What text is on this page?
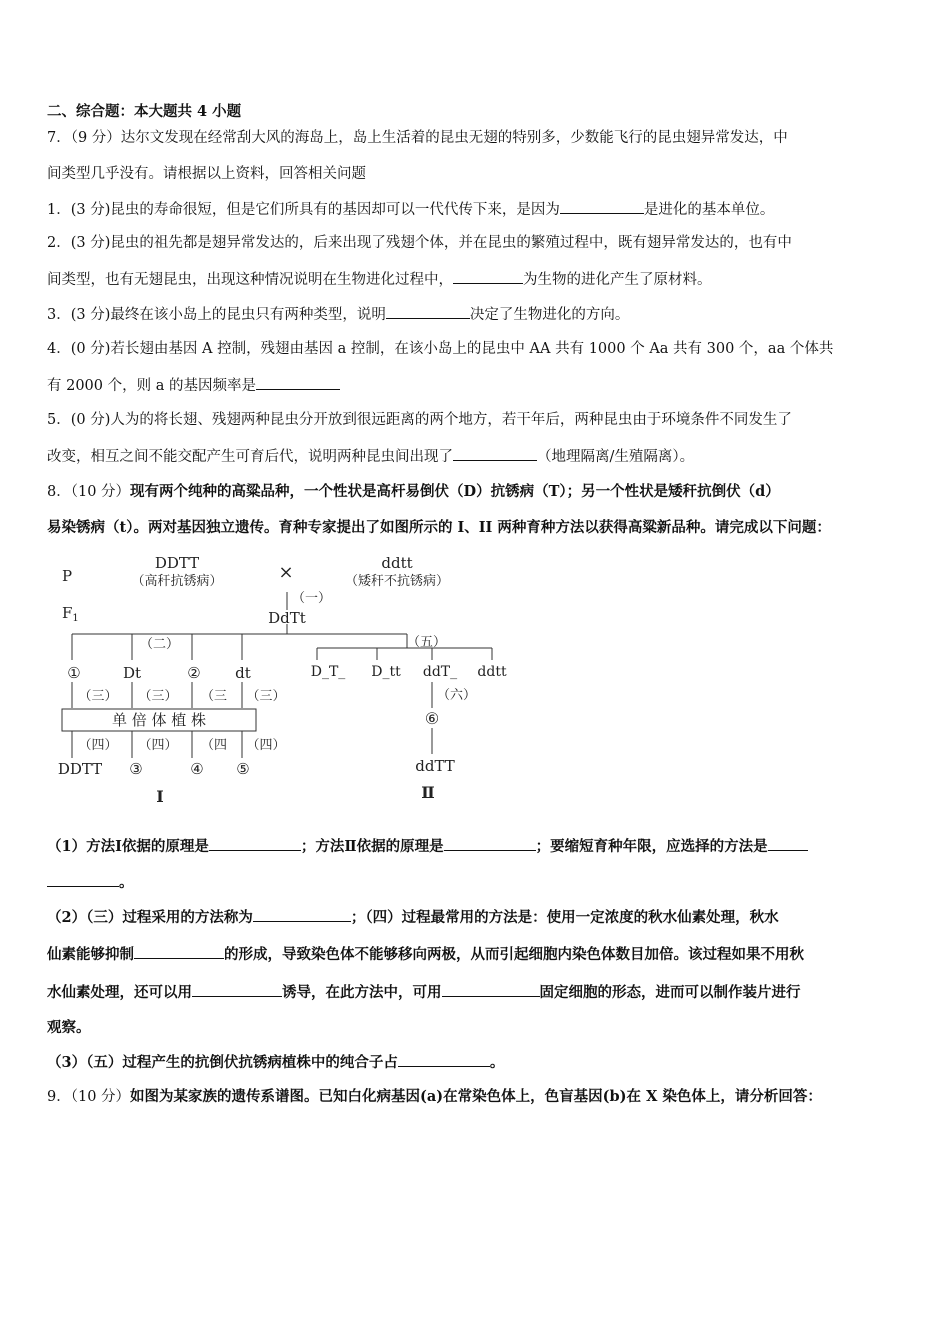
二、综合题：本大题共 4 小题
7．（9 分）达尔文发现在经常刮大风的海岛上，岛上生活着的昆虫无翅的特别多，少数能飞行的昆虫翅异常发达，中
间类型几乎没有。请根据以上资料，回答相关问题
1．(3 分)昆虫的寿命很短，但是它们所具有的基因却可以一代代传下来，是因为	是进化的基本单位。
2．(3 分)昆虫的祖先都是翅异常发达的，后来出现了残翅个体，并在昆虫的繁殖过程中，既有翅异常发达的，也有中
间类型，也有无翅昆虫，出现这种情况说明在生物进化过程中，	为生物的进化产生了原材料。
3．(3 分)最终在该小岛上的昆虫只有两种类型，说明	决定了生物进化的方向。
4．(0 分)若长翅由基因 A 控制，残翅由基因 a 控制，在该小岛上的昆虫中 AA 共有 1000 个 Aa 共有 300 个，aa 个体共
有 2000 个，则 a 的基因频率是
5．(0 分)人为的将长翅、残翅两种昆虫分开放到很远距离的两个地方，若干年后，两种昆虫由于环境条件不同发生了
改变，相互之间不能交配产生可育后代，说明两种昆虫间出现了	（地理隔离/生殖隔离）。
8．（10 分）现有两个纯种的高粱品种，一个性状是高杆易倒伏（D）抗锈病（T）；另一个性状是矮秆抗倒伏（d）
易染锈病（t）。两对基因独立遗传。育种专家提出了如图所示的 I、II 两种育种方法以获得高粱新品种。请完成以下问题：
P
$F_1$
DDTT
（高秆抗锈病）	×	ddtt
（矮秆不抗锈病）
（一）
DdTt
（二）	（五）
①	Dt	② dt	D_T_ D_tt ddT_ ddtt
（三） （三） （三 （三）
单 倍 体 植 株
（四） （四） （四 （四）
DDTT ③	④ ⑤
（六）
⑥
ddTT
I	Ⅱ
（1）方法Ⅰ依据的原理是	；方法Ⅱ依据的原理是	；要缩短育种年限，应选择的方法是
。
（2）（三）过程采用的方法称为	；（四）过程最常用的方法是：使用一定浓度的秋水仙素处理，秋水
仙素能够抑制	的形成，导致染色体不能够移向两极，从而引起细胞内染色体数目加倍。该过程如果不用秋
水仙素处理，还可以用	诱导，在此方法中，可用	固定细胞的形态，进而可以制作装片进行
观察。
（3）（五）过程产生的抗倒伏抗锈病植株中的纯合子占	。
9．（10 分）如图为某家族的遗传系谱图。已知白化病基因(a)在常染色体上，色盲基因(b)在 X 染色体上，请分析回答：
